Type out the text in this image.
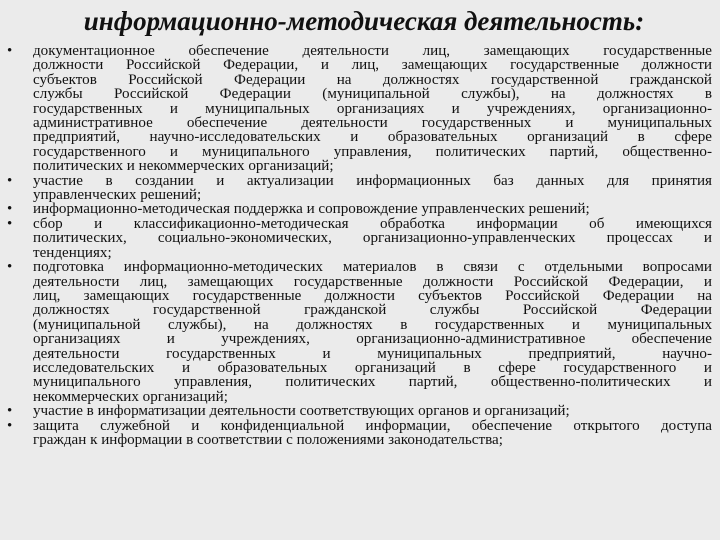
информационно-методическая деятельность:
• документационное обеспечение деятельности лиц, замещающих государственные
должности Российской Федерации, и лиц, замещающих государственные должности
субъектов Российской Федерации на должностях государственной гражданской
службы Российской Федерации (муниципальной службы), на должностях в
государственных и муниципальных организациях и учреждениях, организационно-
административное обеспечение деятельности государственных и муниципальных
предприятий, научно-исследовательских и образовательных организаций в сфере
государственного и муниципального управления, политических партий, общественно-
политических и некоммерческих организаций;
• участие в создании и актуализации информационных баз данных для принятия
управленческих решений;
• информационно-методическая поддержка и сопровождение управленческих решений;
• сбор и классификационно-методическая обработка информации об имеющихся
политических, социально-экономических, организационно-управленческих процессах и
тенденциях;
• подготовка информационно-методических материалов в связи с отдельными вопросами
деятельности лиц, замещающих государственные должности Российской Федерации, и
лиц, замещающих государственные должности субъектов Российской Федерации на
должностях государственной гражданской службы Российской Федерации
(муниципальной службы), на должностях в государственных и муниципальных
организациях и учреждениях, организационно-административное обеспечение
деятельности государственных и муниципальных предприятий, научно-
исследовательских и образовательных организаций в сфере государственного и
муниципального управления, политических партий, общественно-политических и
некоммерческих организаций;
• участие в информатизации деятельности соответствующих органов и организаций;
• защита служебной и конфиденциальной информации, обеспечение открытого доступа
граждан к информации в соответствии с положениями законодательства;
